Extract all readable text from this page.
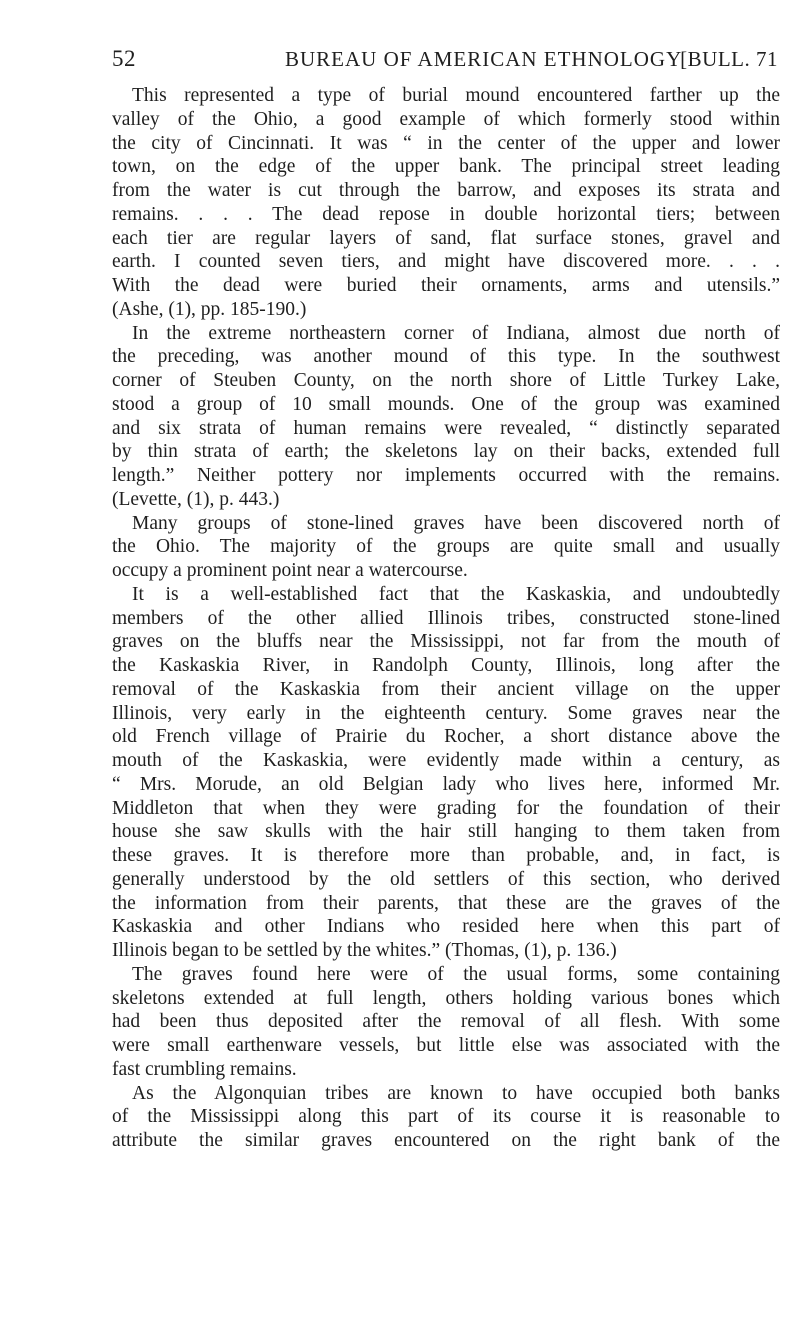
52	BUREAU OF AMERICAN ETHNOLOGY
[BULL. 71
This represented a type of burial mound encountered farther up the
valley of the Ohio, a good example of which formerly stood within
the city of Cincinnati. It was “ in the center of the upper and lower
town, on the edge of the upper bank. The principal street leading
from the water is cut through the barrow, and exposes its strata and
remains. . . . The dead repose in double horizontal tiers; between
each tier are regular layers of sand, flat surface stones, gravel and
earth. I counted seven tiers, and might have discovered more. . . .
With the dead were buried their ornaments, arms and utensils.”
(Ashe, (1), pp. 185-190.)
In the extreme northeastern corner of Indiana, almost due north of
the preceding, was another mound of this type. In the southwest
corner of Steuben County, on the north shore of Little Turkey Lake,
stood a group of 10 small mounds. One of the group was examined
and six strata of human remains were revealed, “ distinctly separated
by thin strata of earth; the skeletons lay on their backs, extended full
length.” Neither pottery nor implements occurred with the remains.
(Levette, (1), p. 443.)
Many groups of stone-lined graves have been discovered north of
the Ohio. The majority of the groups are quite small and usually
occupy a prominent point near a watercourse.
It is a well-established fact that the Kaskaskia, and undoubtedly
members of the other allied Illinois tribes, constructed stone-lined
graves on the bluffs near the Mississippi, not far from the mouth of
the Kaskaskia River, in Randolph County, Illinois, long after the
removal of the Kaskaskia from their ancient village on the upper
Illinois, very early in the eighteenth century. Some graves near the
old French village of Prairie du Rocher, a short distance above the
mouth of the Kaskaskia, were evidently made within a century, as
“ Mrs. Morude, an old Belgian lady who lives here, informed Mr.
Middleton that when they were grading for the foundation of their
house she saw skulls with the hair still hanging to them taken from
these graves. It is therefore more than probable, and, in fact, is
generally understood by the old settlers of this section, who derived
the information from their parents, that these are the graves of the
Kaskaskia and other Indians who resided here when this part of
Illinois began to be settled by the whites.” (Thomas, (1), p. 136.)
The graves found here were of the usual forms, some containing
skeletons extended at full length, others holding various bones which
had been thus deposited after the removal of all flesh. With some
were small earthenware vessels, but little else was associated with the
fast crumbling remains.
As the Algonquian tribes are known to have occupied both banks
of the Mississippi along this part of its course it is reasonable to
attribute the similar graves encountered on the right bank of the
